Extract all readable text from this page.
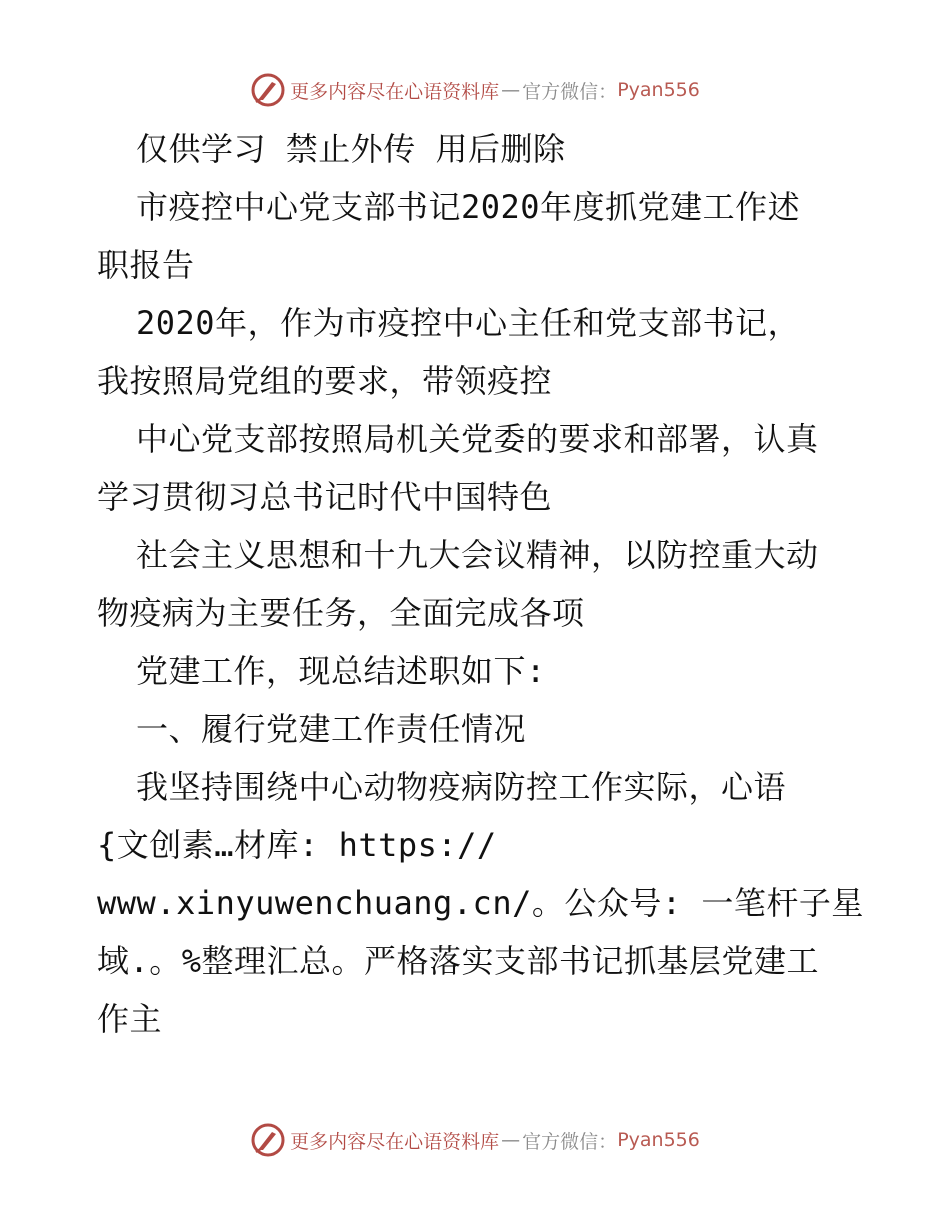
更多内容尽在心语资料库 — 官方微信： Pyan556
仅供学习 禁止外传 用后删除
市疫控中心党支部书记2020年度抓党建工作述
职报告
2020年，作为市疫控中心主任和党支部书记，
我按照局党组的要求，带领疫控
中心党支部按照局机关党委的要求和部署，认真
学习贯彻习总书记时代中国特色
社会主义思想和十九大会议精神，以防控重大动
物疫病为主要任务，全面完成各项
党建工作，现总结述职如下:
一、履行党建工作责任情况
我坚持围绕中心动物疫病防控工作实际，心语
{文创素…材库: https://
www.xinyuwenchuang.cn/。公众号: 一笔杆子星
域.。%整理汇总。严格落实支部书记抓基层党建工
作主
更多内容尽在心语资料库 — 官方微信： Pyan556
